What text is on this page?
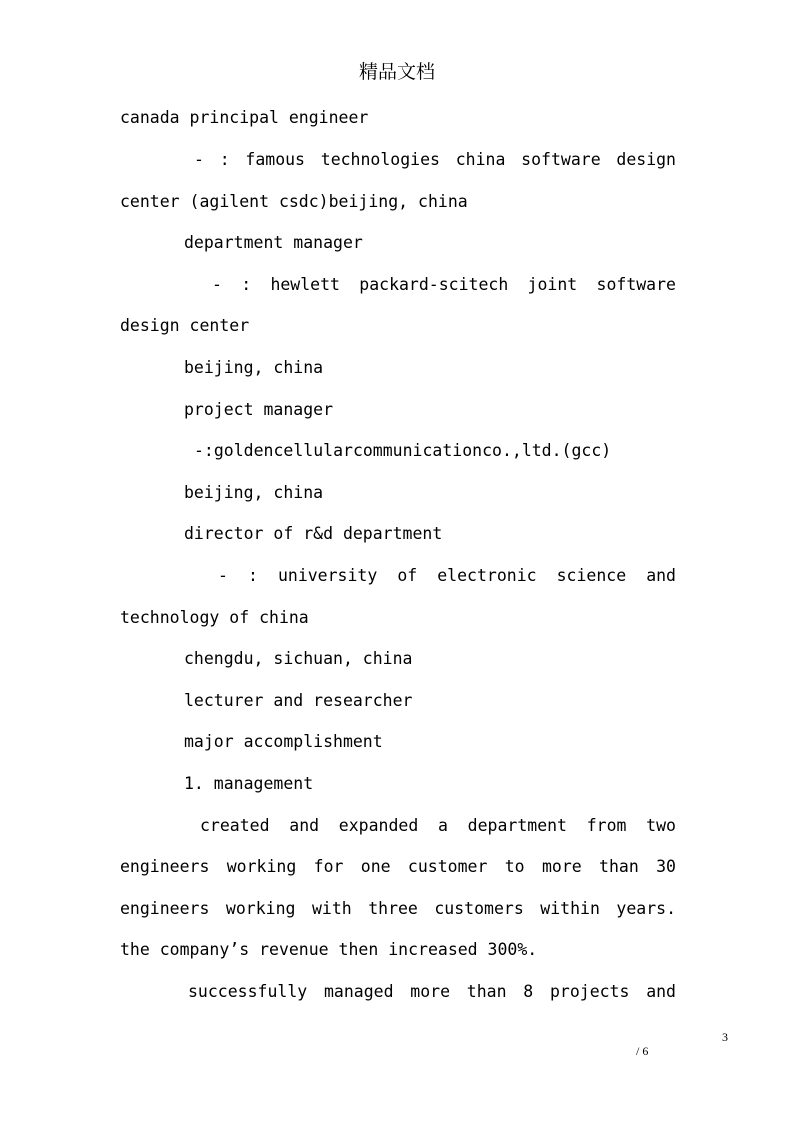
精品文档
canada principal engineer
- : famous technologies china software design
center (agilent csdc)beijing, china
department manager
- : hewlett packard-scitech joint software
design center
beijing, china
project manager
-:goldencellularcommunicationco.,ltd.(gcc)
beijing, china
director of r&d department
- : university of electronic science and
technology of china
chengdu, sichuan, china
lecturer and researcher
major accomplishment
1. management
created and expanded a department from two
engineers working for one customer to more than 30
engineers working with three customers within years.
the company’s revenue then increased 300%.
successfully managed more than 8 projects and
3
/ 6
